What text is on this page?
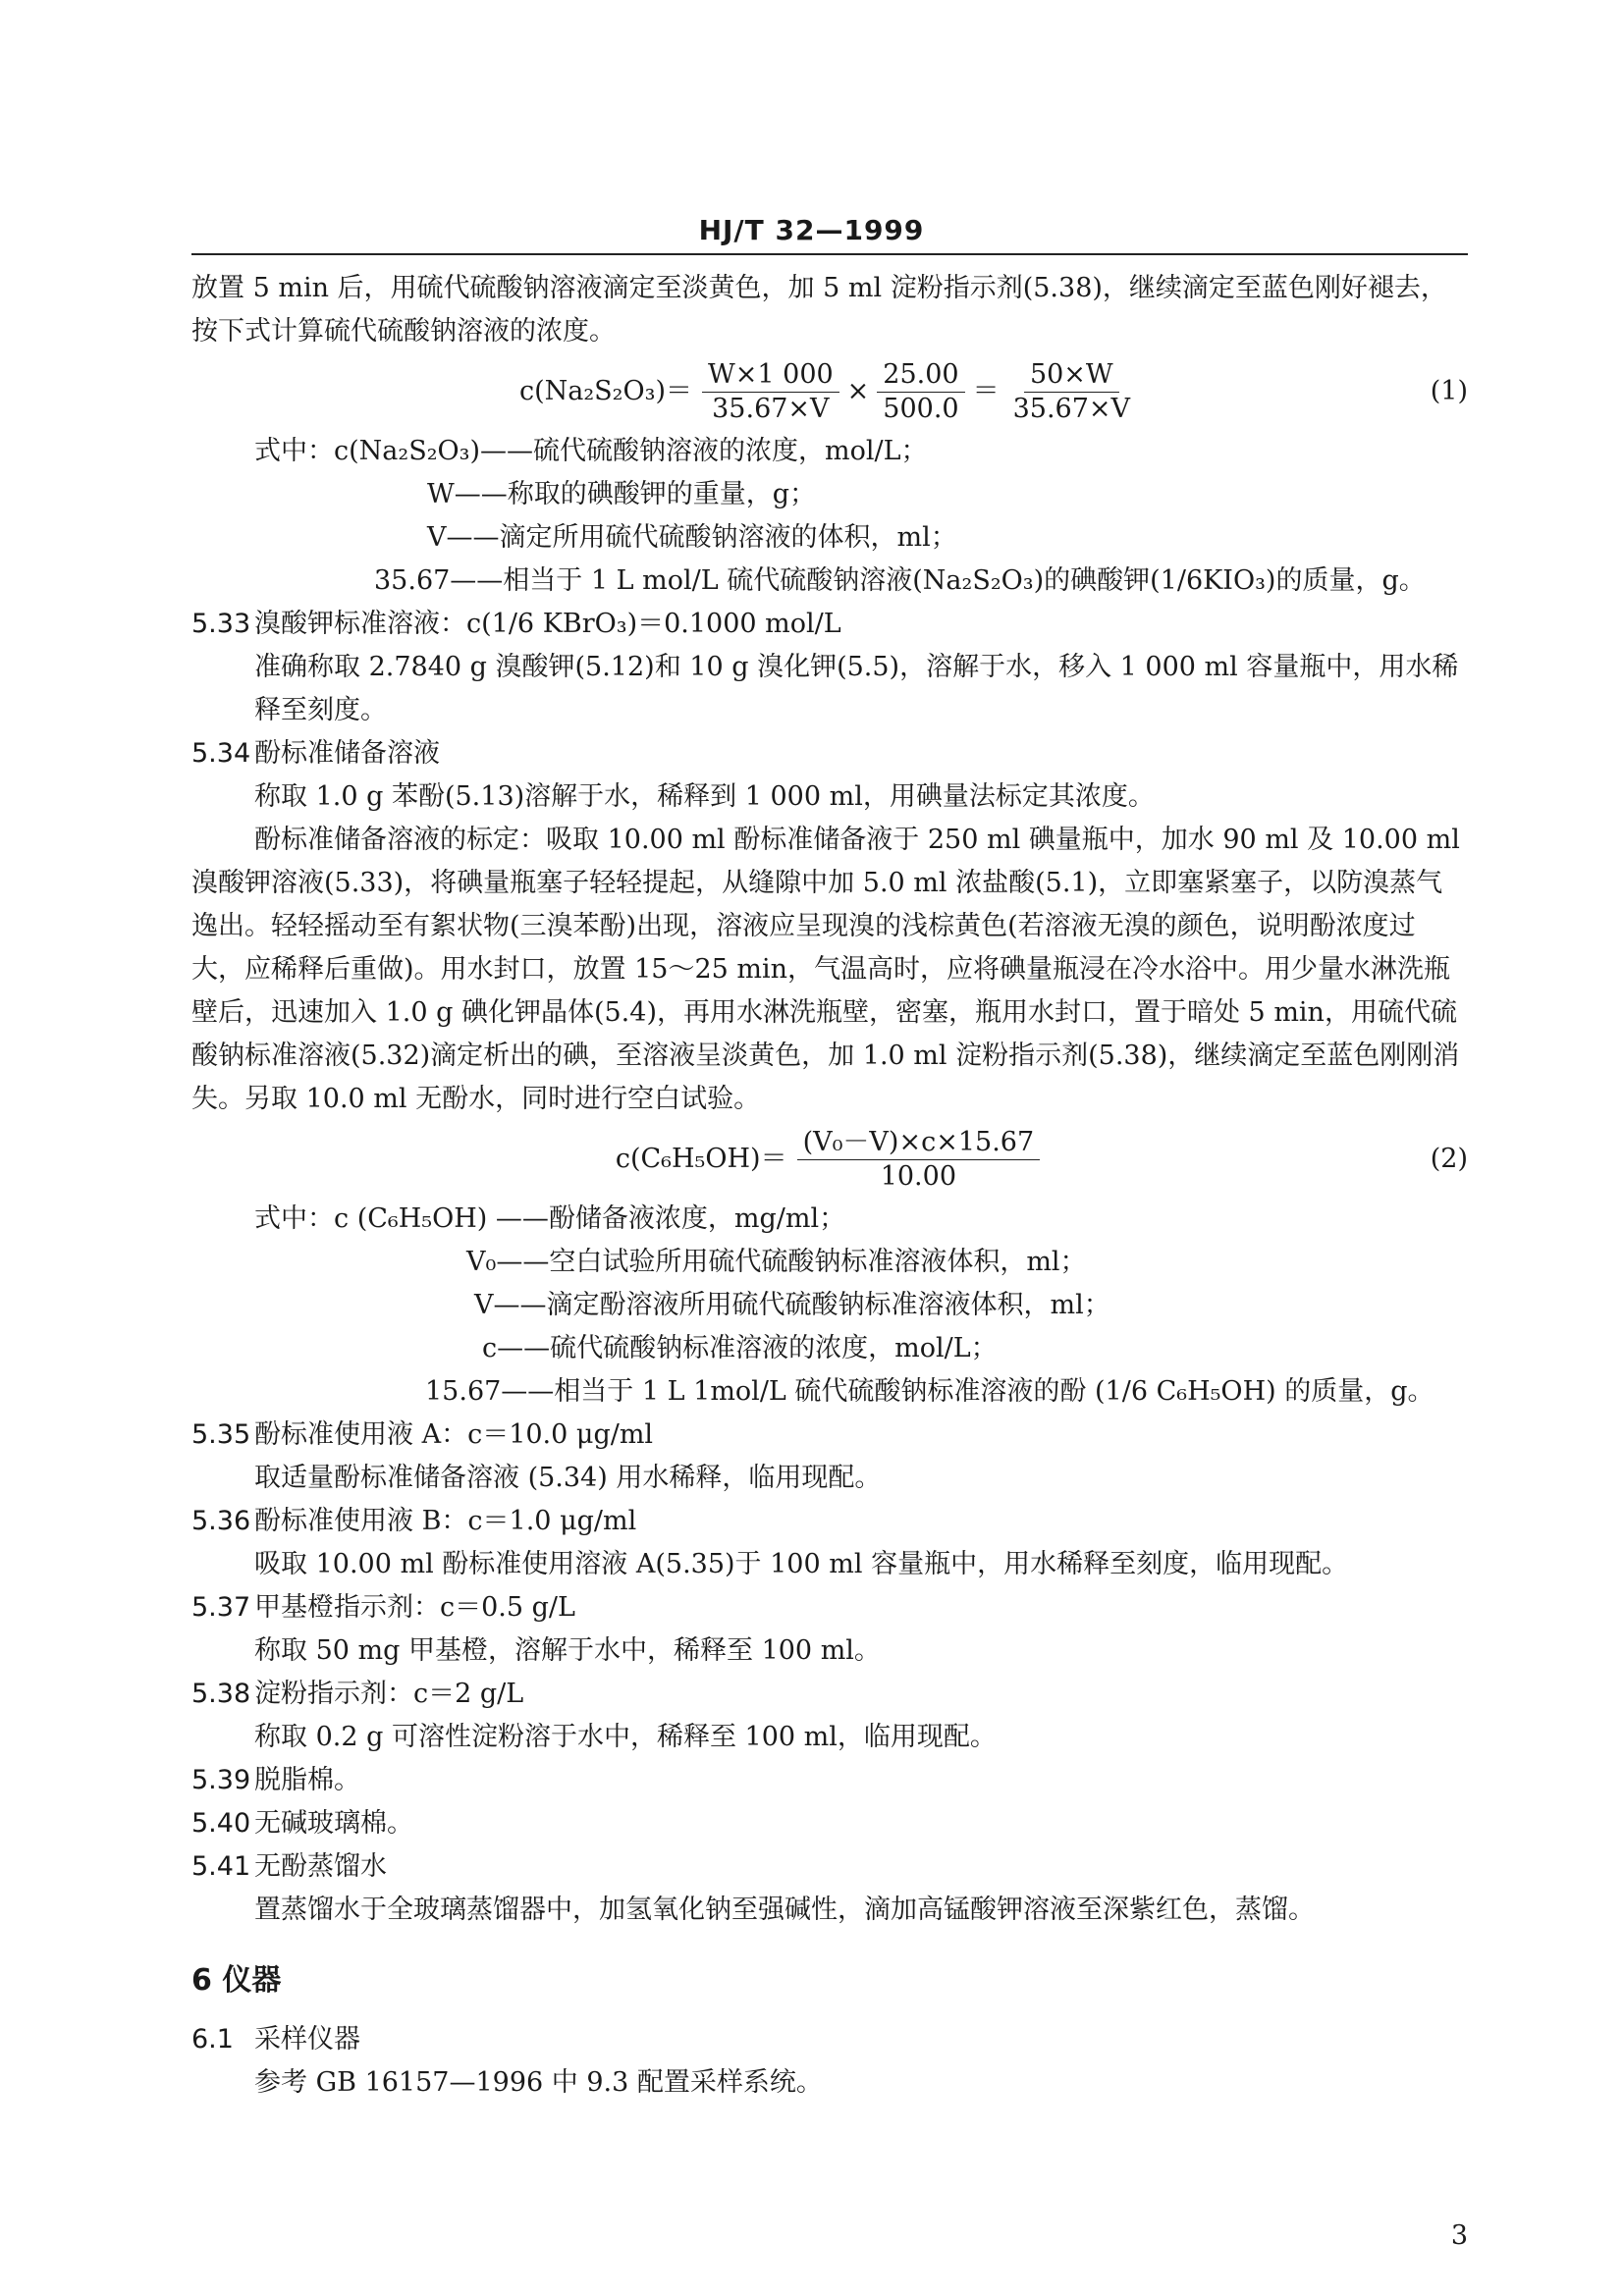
HJ/T 32—1999

放置 5 min 后，用硫代硫酸钠溶液滴定至淡黄色，加 5 ml 淀粉指示剂(5.38)，继续滴定至蓝色刚好褪去，按下式计算硫代硫酸钠溶液的浓度。

$c(Na_2S_2O_3)= \frac{W\times 1 000}{35.67\times V} \times \frac{25.00}{500.0} = \frac{50\times W}{35.67\times V}$	(1)

式中：c(Na₂S₂O₃)——硫代硫酸钠溶液的浓度，mol/L；

W——称取的碘酸钾的重量，g；

V——滴定所用硫代硫酸钠溶液的体积，ml；

35.67——相当于 1 L mol/L 硫代硫酸钠溶液(Na₂S₂O₃)的碘酸钾(1/6KIO₃)的质量，g。

5.33 溴酸钾标准溶液：c(1/6 KBrO₃)＝0.1000 mol/L

准确称取 2.7840 g 溴酸钾(5.12)和 10 g 溴化钾(5.5)，溶解于水，移入 1 000 ml 容量瓶中，用水稀释至刻度。

5.34 酚标准储备溶液

称取 1.0 g 苯酚(5.13)溶解于水，稀释到 1 000 ml，用碘量法标定其浓度。

酚标准储备溶液的标定：吸取 10.00 ml 酚标准储备液于 250 ml 碘量瓶中，加水 90 ml 及 10.00 ml 溴酸钾溶液(5.33)，将碘量瓶塞子轻轻提起，从缝隙中加 5.0 ml 浓盐酸(5.1)，立即塞紧塞子，以防溴蒸气逸出。轻轻摇动至有絮状物(三溴苯酚)出现，溶液应呈现溴的浅棕黄色(若溶液无溴的颜色，说明酚浓度过大，应稀释后重做)。用水封口，放置 15～25 min，气温高时，应将碘量瓶浸在冷水浴中。用少量水淋洗瓶壁后，迅速加入 1.0 g 碘化钾晶体(5.4)，再用水淋洗瓶壁，密塞，瓶用水封口，置于暗处 5 min，用硫代硫酸钠标准溶液(5.32)滴定析出的碘，至溶液呈淡黄色，加 1.0 ml 淀粉指示剂(5.38)，继续滴定至蓝色刚刚消失。另取 10.0 ml 无酚水，同时进行空白试验。

$c(C_6H_5OH)= \frac{\text{(V₀－V)×c×15.67}}{10.00}$	(2)

式中：c (C₆H₅OH) ——酚储备液浓度，mg/ml；

V₀——空白试验所用硫代硫酸钠标准溶液体积，ml；

V——滴定酚溶液所用硫代硫酸钠标准溶液体积，ml；

c——硫代硫酸钠标准溶液的浓度，mol/L；

15.67——相当于 1 L 1mol/L 硫代硫酸钠标准溶液的酚 (1/6 C₆H₅OH) 的质量，g。

5.35 酚标准使用液 A：c＝10.0 μg/ml

取适量酚标准储备溶液 (5.34) 用水稀释，临用现配。

5.36 酚标准使用液 B：c＝1.0 μg/ml

吸取 10.00 ml 酚标准使用溶液 A(5.35)于 100 ml 容量瓶中，用水稀释至刻度，临用现配。

5.37 甲基橙指示剂：c＝0.5 g/L

称取 50 mg 甲基橙，溶解于水中，稀释至 100 ml。

5.38 淀粉指示剂：c＝2 g/L

称取 0.2 g 可溶性淀粉溶于水中，稀释至 100 ml，临用现配。

5.39 脱脂棉。
5.40 无碱玻璃棉。
5.41 无酚蒸馏水

置蒸馏水于全玻璃蒸馏器中，加氢氧化钠至强碱性，滴加高锰酸钾溶液至深紫红色，蒸馏。

6 仪器
6.1 采样仪器

参考 GB 16157—1996 中 9.3 配置采样系统。

3
